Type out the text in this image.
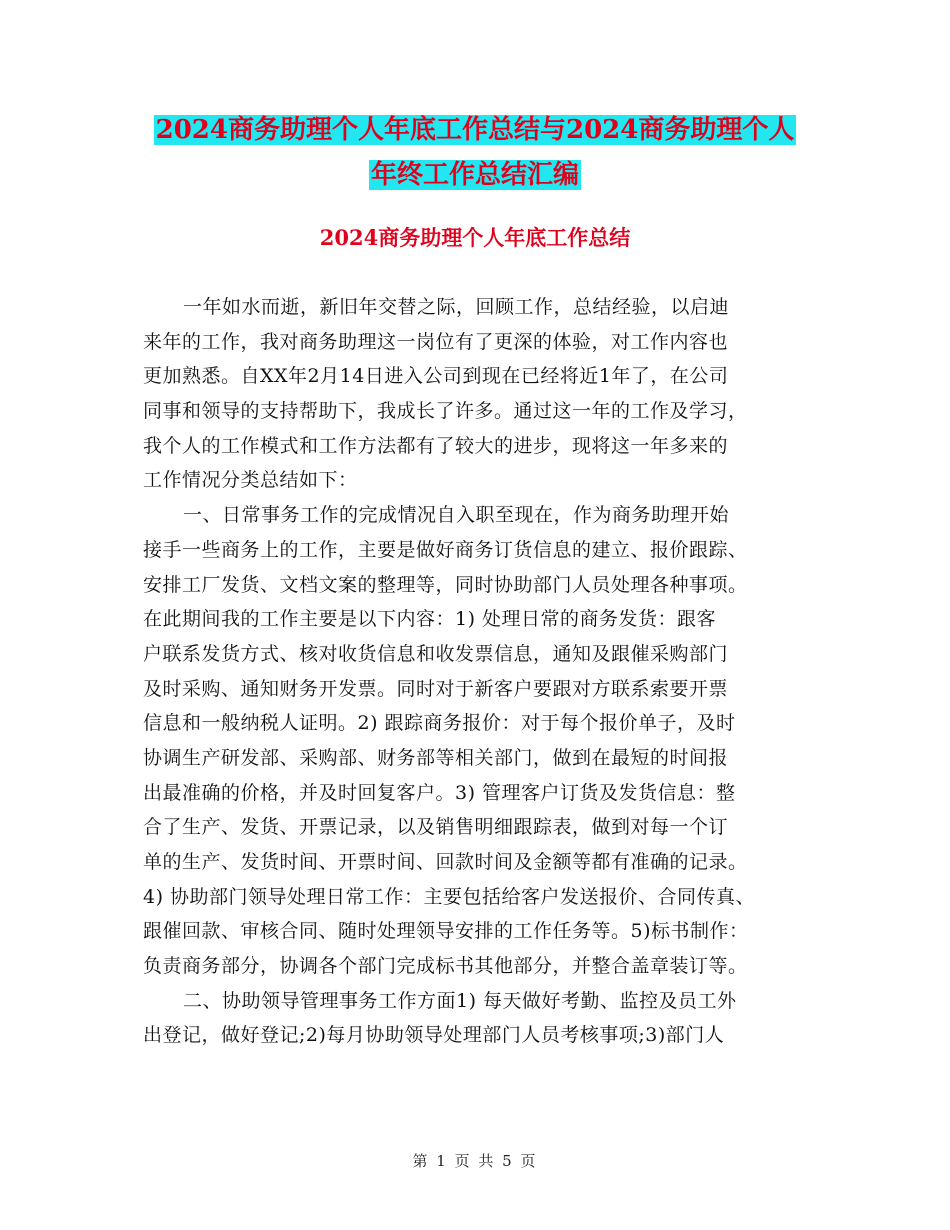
2024商务助理个人年底工作总结与2024商务助理个人
年终工作总结汇编
2024商务助理个人年底工作总结
一年如水而逝，新旧年交替之际，回顾工作，总结经验，以启迪
来年的工作，我对商务助理这一岗位有了更深的体验，对工作内容也
更加熟悉。自XX年2月14日进入公司到现在已经将近1年了，在公司
同事和领导的支持帮助下，我成长了许多。通过这一年的工作及学习，
我个人的工作模式和工作方法都有了较大的进步，现将这一年多来的
工作情况分类总结如下：
一、日常事务工作的完成情况自入职至现在，作为商务助理开始
接手一些商务上的工作，主要是做好商务订货信息的建立、报价跟踪、
安排工厂发货、文档文案的整理等，同时协助部门人员处理各种事项。
在此期间我的工作主要是以下内容：1) 处理日常的商务发货：跟客
户联系发货方式、核对收货信息和收发票信息，通知及跟催采购部门
及时采购、通知财务开发票。同时对于新客户要跟对方联系索要开票
信息和一般纳税人证明。2) 跟踪商务报价：对于每个报价单子，及时
协调生产研发部、采购部、财务部等相关部门，做到在最短的时间报
出最准确的价格，并及时回复客户。3) 管理客户订货及发货信息：整
合了生产、发货、开票记录，以及销售明细跟踪表，做到对每一个订
单的生产、发货时间、开票时间、回款时间及金额等都有准确的记录。
4) 协助部门领导处理日常工作：主要包括给客户发送报价、合同传真、
跟催回款、审核合同、随时处理领导安排的工作任务等。5)标书制作：
负责商务部分，协调各个部门完成标书其他部分，并整合盖章装订等。
二、协助领导管理事务工作方面1) 每天做好考勤、监控及员工外
出登记，做好登记;2)每月协助领导处理部门人员考核事项;3)部门人
第 1 页 共 5 页
